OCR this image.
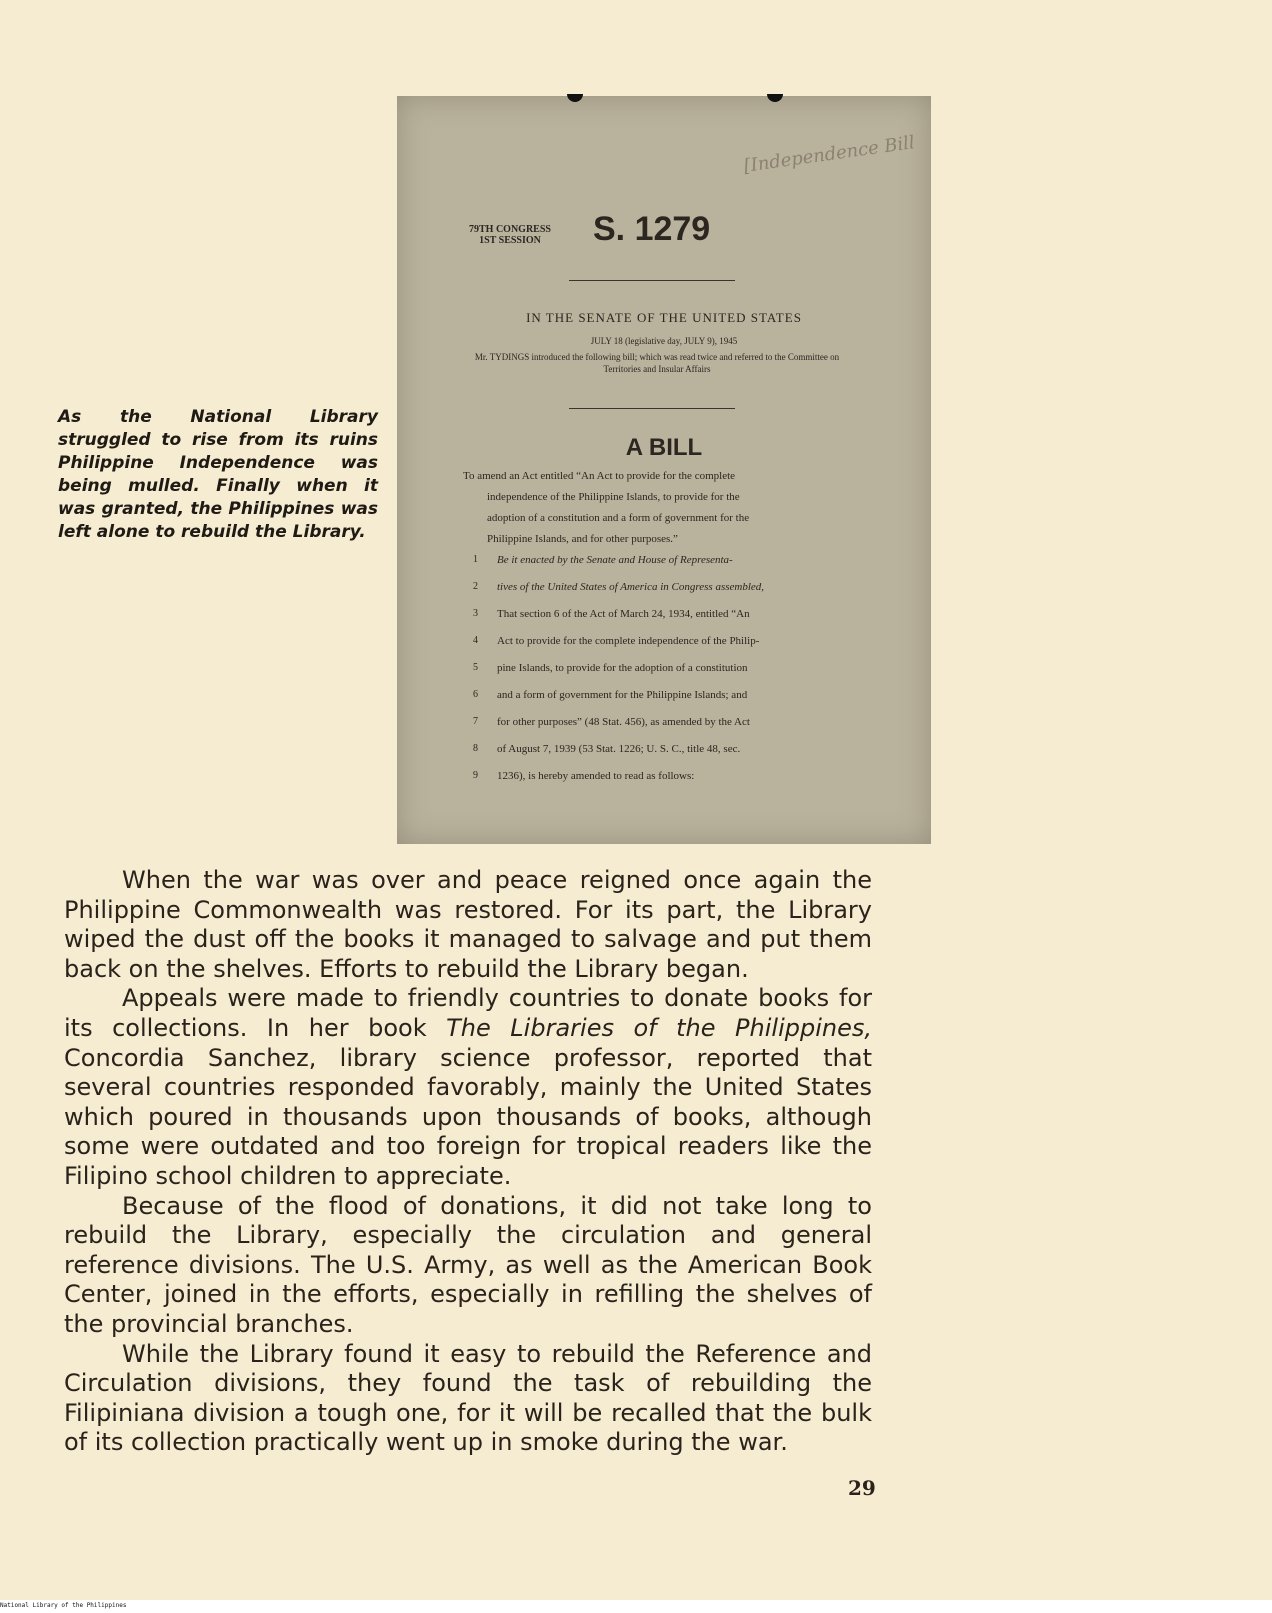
As the National Library struggled to rise from its ruins Philippine Independence was being mulled. Finally when it was granted, the Philippines was left alone to rebuild the Library.
[Independence Bill
79TH CONGRESS
1ST SESSION S. 1279
IN THE SENATE OF THE UNITED STATES
JULY 18 (legislative day, JULY 9), 1945
Mr. TYDINGS introduced the following bill; which was read twice and referred to the Committee on Territories and Insular Affairs
A BILL
To amend an Act entitled “An Act to provide for the complete
independence of the Philippine Islands, to provide for the
adoption of a constitution and a form of government for the
Philippine Islands, and for other purposes.”
1	Be it enacted by the Senate and House of Representa-
2	tives of the United States of America in Congress assembled,
3	That section 6 of the Act of March 24, 1934, entitled “An
4	Act to provide for the complete independence of the Philip-
5	pine Islands, to provide for the adoption of a constitution
6	and a form of government for the Philippine Islands; and
7	for other purposes” (48 Stat. 456), as amended by the Act
8	of August 7, 1939 (53 Stat. 1226; U. S. C., title 48, sec.
9	1236), is hereby amended to read as follows:

When the war was over and peace reigned once again the Philippine Commonwealth was restored. For its part, the Library wiped the dust off the books it managed to salvage and put them back on the shelves. Efforts to rebuild the Library began.

Appeals were made to friendly countries to donate books for its collections. In her book The Libraries of the Philippines, Concordia Sanchez, library science professor, reported that several countries responded favorably, mainly the United States which poured in thousands upon thousands of books, although some were outdated and too foreign for tropical readers like the Filipino school children to appreciate.

Because of the flood of donations, it did not take long to rebuild the Library, especially the circulation and general reference divisions. The U.S. Army, as well as the American Book Center, joined in the efforts, especially in refilling the shelves of the provincial branches.

While the Library found it easy to rebuild the Reference and Circulation divisions, they found the task of rebuilding the Filipiniana division a tough one, for it will be recalled that the bulk of its collection practically went up in smoke during the war.

29
National Library of the Philippines
